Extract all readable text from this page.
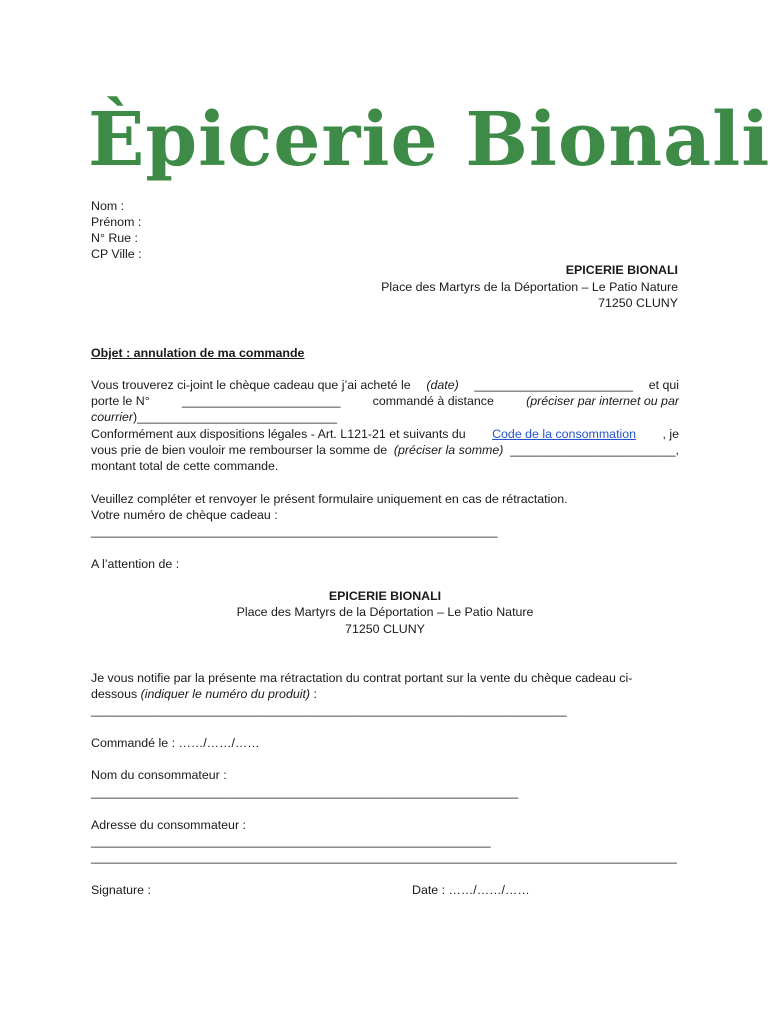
Èpicerie Bionali
Nom :
Prénom :
N° Rue :
CP Ville :
EPICERIE BIONALI
Place des Martyrs de la Déportation – Le Patio Nature
71250 CLUNY
Objet : annulation de ma commande
Vous trouverez ci-joint le chèque cadeau que j’ai acheté le (date) _______________________ et qui
porte le N°	_______________________	commandé à distance	(préciser par internet ou par
courrier )_____________________________
Conformément aux dispositions légales - Art. L121-21 et suivants du Code de la consommation , je
vous prie de bien vouloir me rembourser la somme de (préciser la somme) ________________________,
montant total de cette commande.
Veuillez compléter et renvoyer le présent formulaire uniquement en cas de rétractation.
Votre numéro de chèque cadeau :
___________________________________________________________
A l’attention de :
EPICERIE BIONALI
Place des Martyrs de la Déportation – Le Patio Nature
71250 CLUNY
Je vous notifie par la présente ma rétractation du contrat portant sur la vente du chèque cadeau ci-
dessous (indiquer le numéro du produit) :
_____________________________________________________________________
Commandé le : ……/……/……
Nom du consommateur :
______________________________________________________________
Adresse du consommateur :
__________________________________________________________
_____________________________________________________________________________________
Signature :	Date : ……/……/……
